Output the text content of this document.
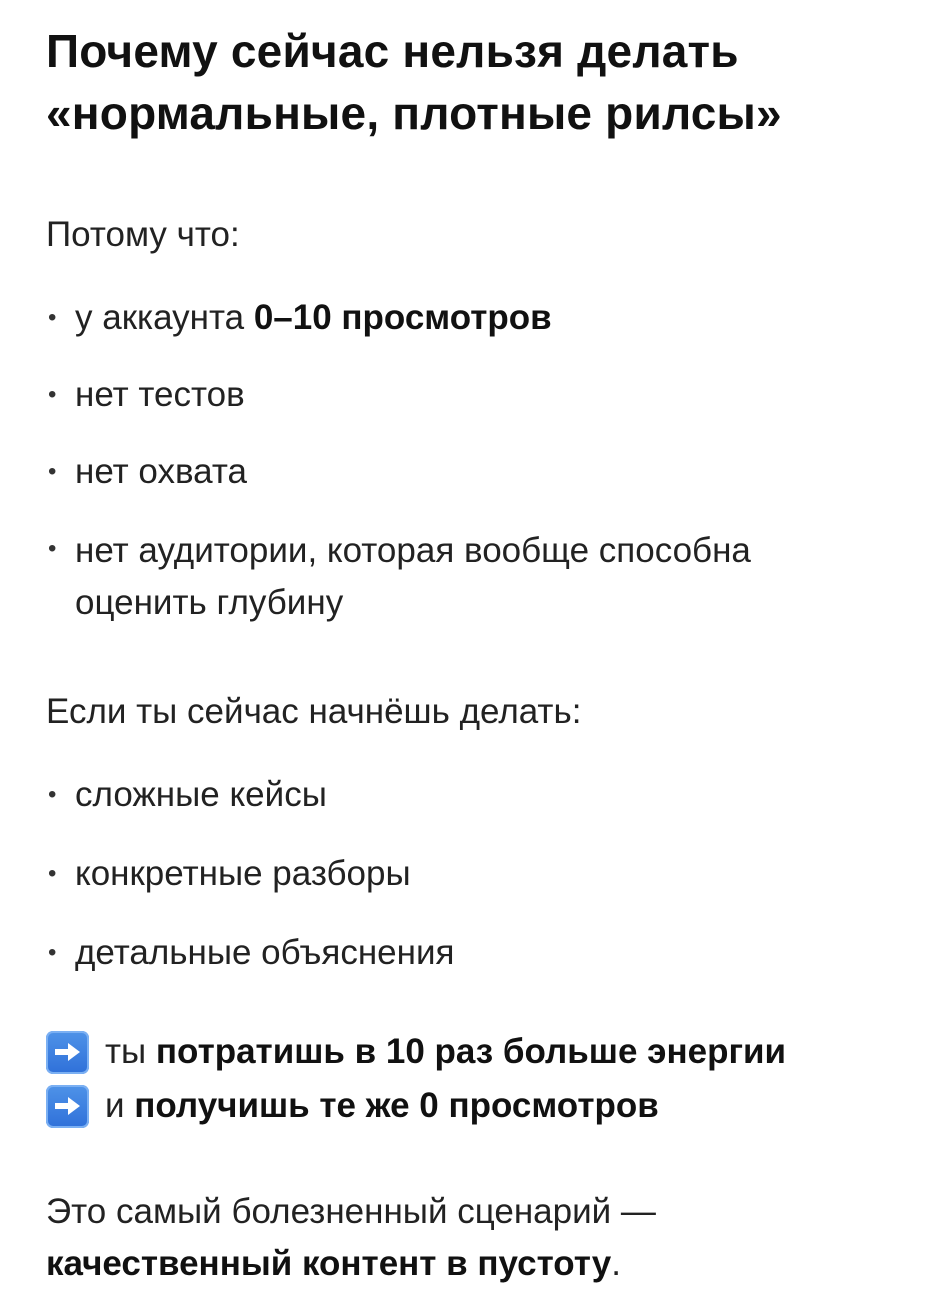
Почему сейчас нельзя делать
«нормальные, плотные рилсы»

Потому что:

• у аккаунта 0–10 просмотров
• нет тестов
• нет охвата
• нет аудитории, которая вообще способна
оценить глубину

Если ты сейчас начнёшь делать:

• сложные кейсы
• конкретные разборы
• детальные объяснения
ты потратишь в 10 раз больше энергии
и получишь те же 0 просмотров

Это самый болезненный сценарий —
качественный контент в пустоту.
